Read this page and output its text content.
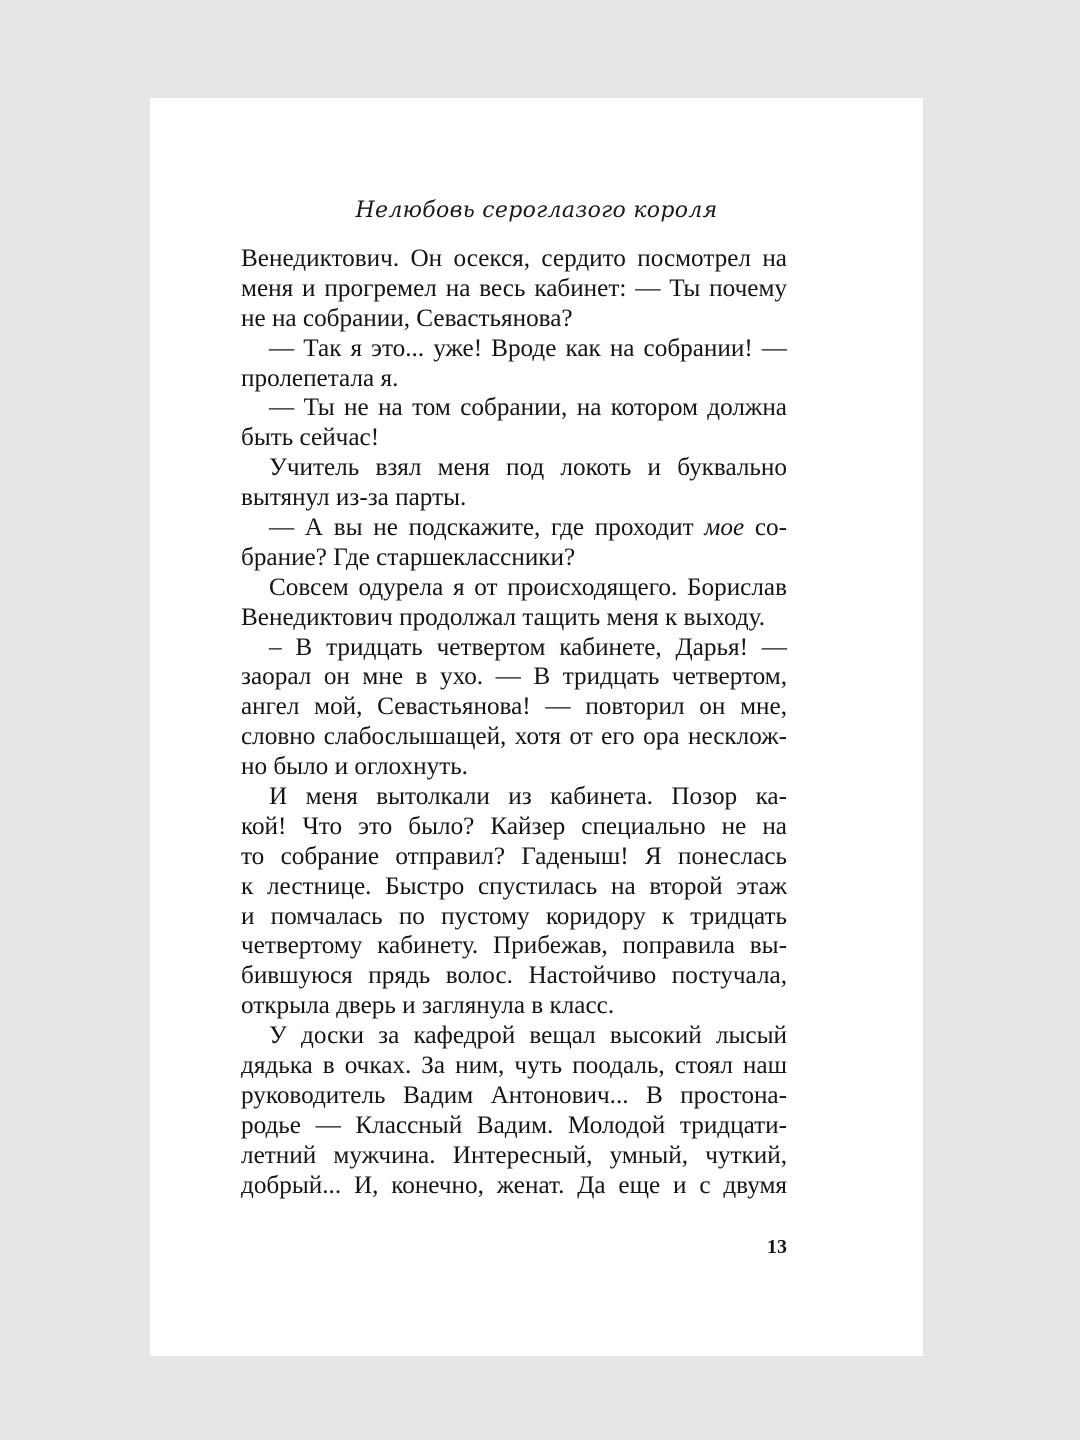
Нелюбовь сероглазого короля
Венедиктович. Он осекся, сердито посмотрел на
меня и прогремел на весь кабинет: — Ты почему
не на собрании, Севастьянова?
— Так я это... уже! Вроде как на собрании! —
пролепетала я.
— Ты не на том собрании, на котором должна
быть сейчас!
Учитель взял меня под локоть и буквально
вытянул из-за парты.
— А вы не подскажите, где проходит мое со-
брание? Где старшеклассники?
Совсем одурела я от происходящего. Борислав
Венедиктович продолжал тащить меня к выходу.
– В тридцать четвертом кабинете, Дарья! —
заорал он мне в ухо. — В тридцать четвертом,
ангел мой, Севастьянова! — повторил он мне,
словно слабослышащей, хотя от его ора несклож-
но было и оглохнуть.
И меня вытолкали из кабинета. Позор ка-
кой! Что это было? Кайзер специально не на
то собрание отправил? Гаденыш! Я понеслась
к лестнице. Быстро спустилась на второй этаж
и помчалась по пустому коридору к тридцать
четвертому кабинету. Прибежав, поправила вы-
бившуюся прядь волос. Настойчиво постучала,
открыла дверь и заглянула в класс.
У доски за кафедрой вещал высокий лысый
дядька в очках. За ним, чуть поодаль, стоял наш
руководитель Вадим Антонович... В простона-
родье — Классный Вадим. Молодой тридцати-
летний мужчина. Интересный, умный, чуткий,
добрый... И, конечно, женат. Да еще и с двумя
13
